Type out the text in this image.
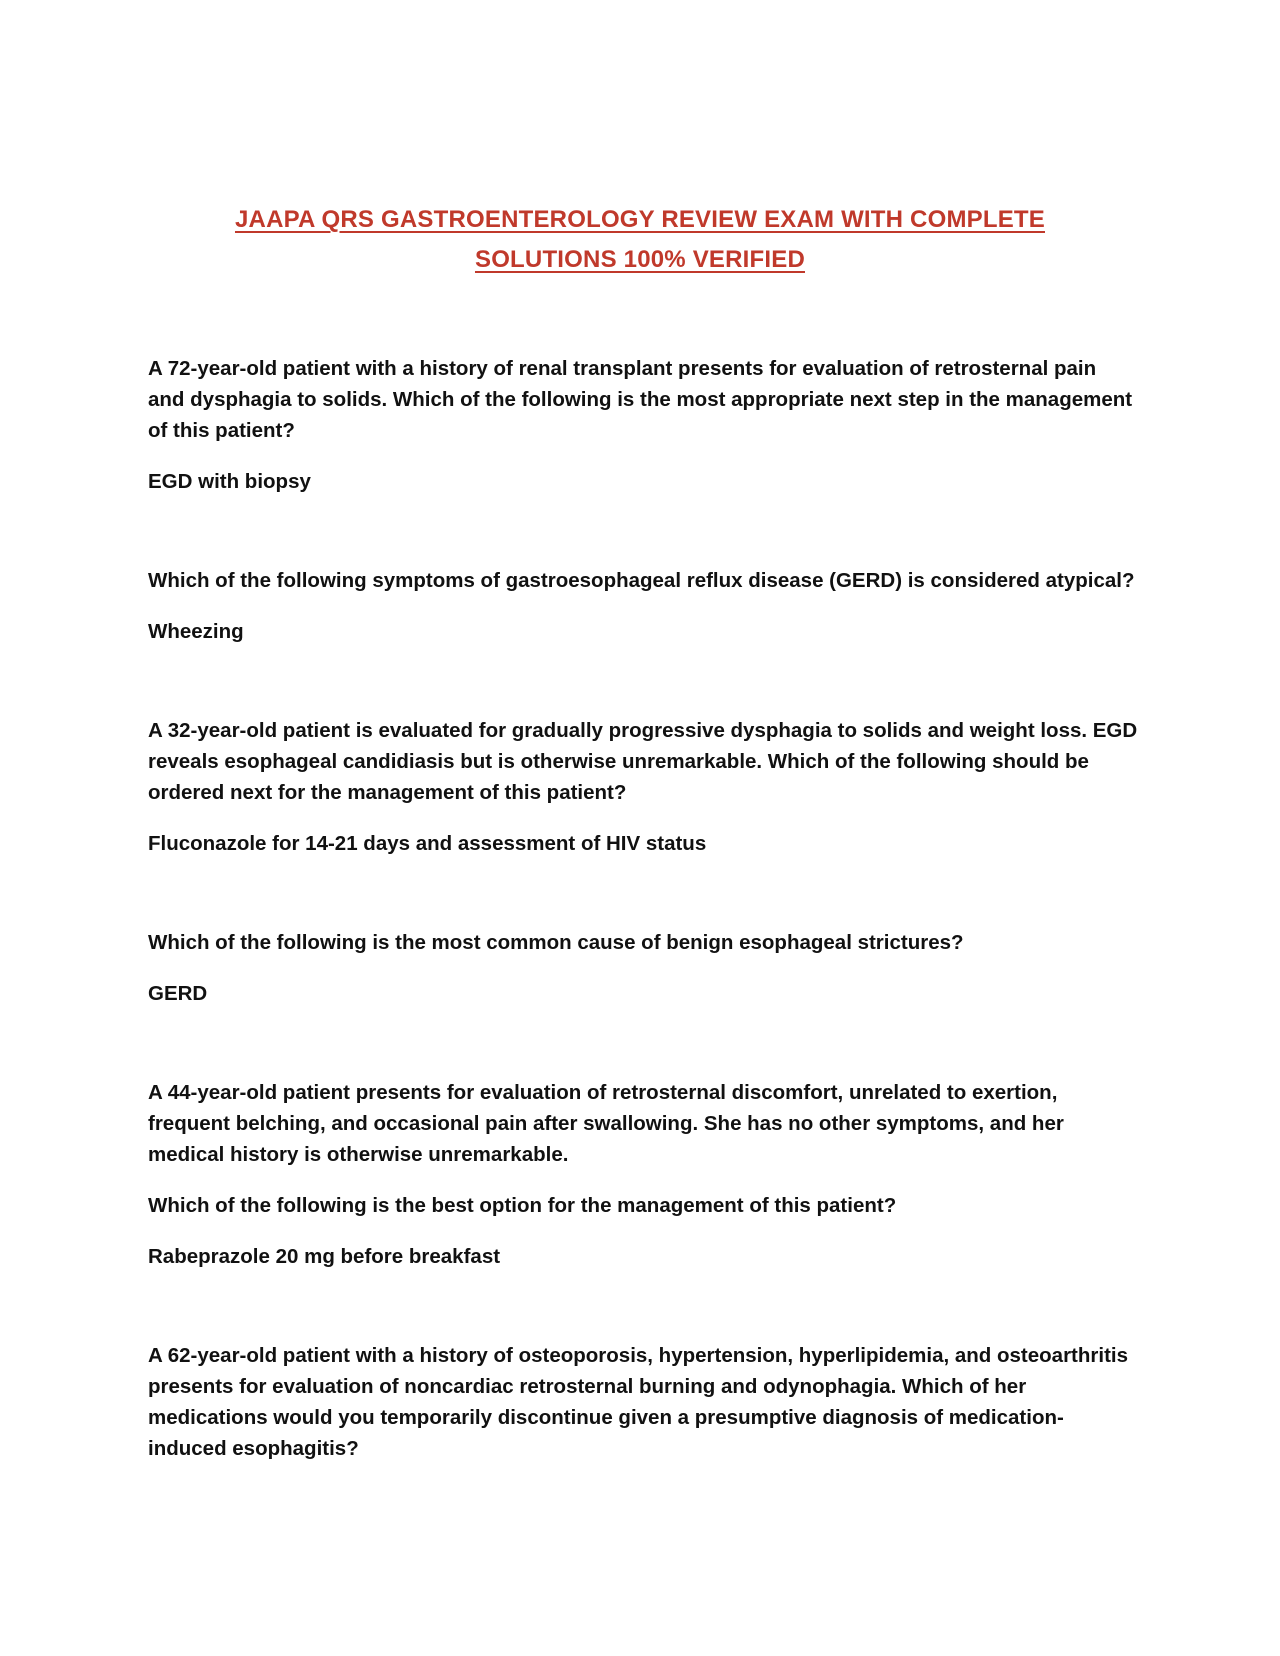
JAAPA QRS GASTROENTEROLOGY REVIEW EXAM WITH COMPLETE
SOLUTIONS 100% VERIFIED

A 72-year-old patient with a history of renal transplant presents for evaluation of retrosternal pain and dysphagia to solids. Which of the following is the most appropriate next step in the management of this patient?

EGD with biopsy

Which of the following symptoms of gastroesophageal reflux disease (GERD) is considered atypical?

Wheezing

A 32-year-old patient is evaluated for gradually progressive dysphagia to solids and weight loss. EGD reveals esophageal candidiasis but is otherwise unremarkable. Which of the following should be ordered next for the management of this patient?

Fluconazole for 14-21 days and assessment of HIV status

Which of the following is the most common cause of benign esophageal strictures?

GERD

A 44-year-old patient presents for evaluation of retrosternal discomfort, unrelated to exertion, frequent belching, and occasional pain after swallowing. She has no other symptoms, and her medical history is otherwise unremarkable.

Which of the following is the best option for the management of this patient?

Rabeprazole 20 mg before breakfast

A 62-year-old patient with a history of osteoporosis, hypertension, hyperlipidemia, and osteoarthritis presents for evaluation of noncardiac retrosternal burning and odynophagia. Which of her medications would you temporarily discontinue given a presumptive diagnosis of medication-induced esophagitis?
